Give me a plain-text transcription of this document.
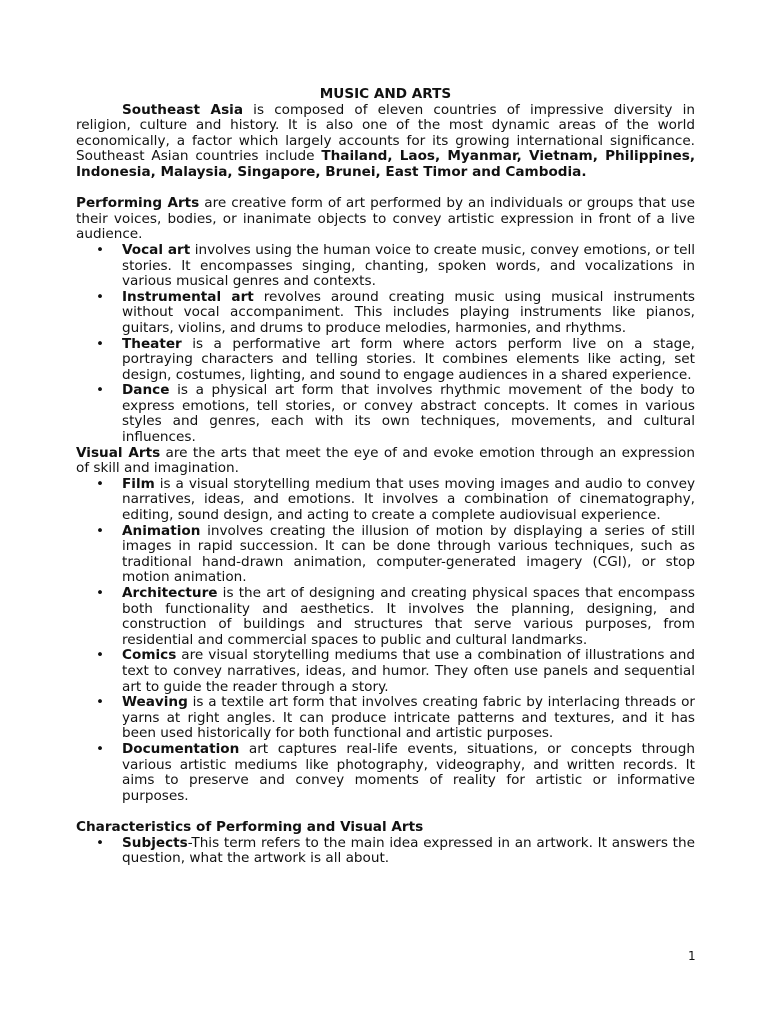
MUSIC AND ARTS

Southeast Asia is composed of eleven countries of impressive diversity in religion, culture and history. It is also one of the most dynamic areas of the world economically, a factor which largely accounts for its growing international significance. Southeast Asian countries include Thailand, Laos, Myanmar, Vietnam, Philippines, Indonesia, Malaysia, Singapore, Brunei, East Timor and Cambodia.

Performing Arts are creative form of art performed by an individuals or groups that use their voices, bodies, or inanimate objects to convey artistic expression in front of a live audience.

• Vocal art involves using the human voice to create music, convey emotions, or tell stories. It encompasses singing, chanting, spoken words, and vocalizations in various musical genres and contexts.
• Instrumental art revolves around creating music using musical instruments without vocal accompaniment. This includes playing instruments like pianos, guitars, violins, and drums to produce melodies, harmonies, and rhythms.
• Theater is a performative art form where actors perform live on a stage, portraying characters and telling stories. It combines elements like acting, set design, costumes, lighting, and sound to engage audiences in a shared experience.
• Dance is a physical art form that involves rhythmic movement of the body to express emotions, tell stories, or convey abstract concepts. It comes in various styles and genres, each with its own techniques, movements, and cultural influences.

Visual Arts are the arts that meet the eye of and evoke emotion through an expression of skill and imagination.

• Film is a visual storytelling medium that uses moving images and audio to convey narratives, ideas, and emotions. It involves a combination of cinematography, editing, sound design, and acting to create a complete audiovisual experience.
• Animation involves creating the illusion of motion by displaying a series of still images in rapid succession. It can be done through various techniques, such as traditional hand-drawn animation, computer-generated imagery (CGI), or stop motion animation.
• Architecture is the art of designing and creating physical spaces that encompass both functionality and aesthetics. It involves the planning, designing, and construction of buildings and structures that serve various purposes, from residential and commercial spaces to public and cultural landmarks.
• Comics are visual storytelling mediums that use a combination of illustrations and text to convey narratives, ideas, and humor. They often use panels and sequential art to guide the reader through a story.
• Weaving is a textile art form that involves creating fabric by interlacing threads or yarns at right angles. It can produce intricate patterns and textures, and it has been used historically for both functional and artistic purposes.
• Documentation art captures real-life events, situations, or concepts through various artistic mediums like photography, videography, and written records. It aims to preserve and convey moments of reality for artistic or informative purposes.

Characteristics of Performing and Visual Arts

• Subjects-This term refers to the main idea expressed in an artwork. It answers the question, what the artwork is all about.
1
